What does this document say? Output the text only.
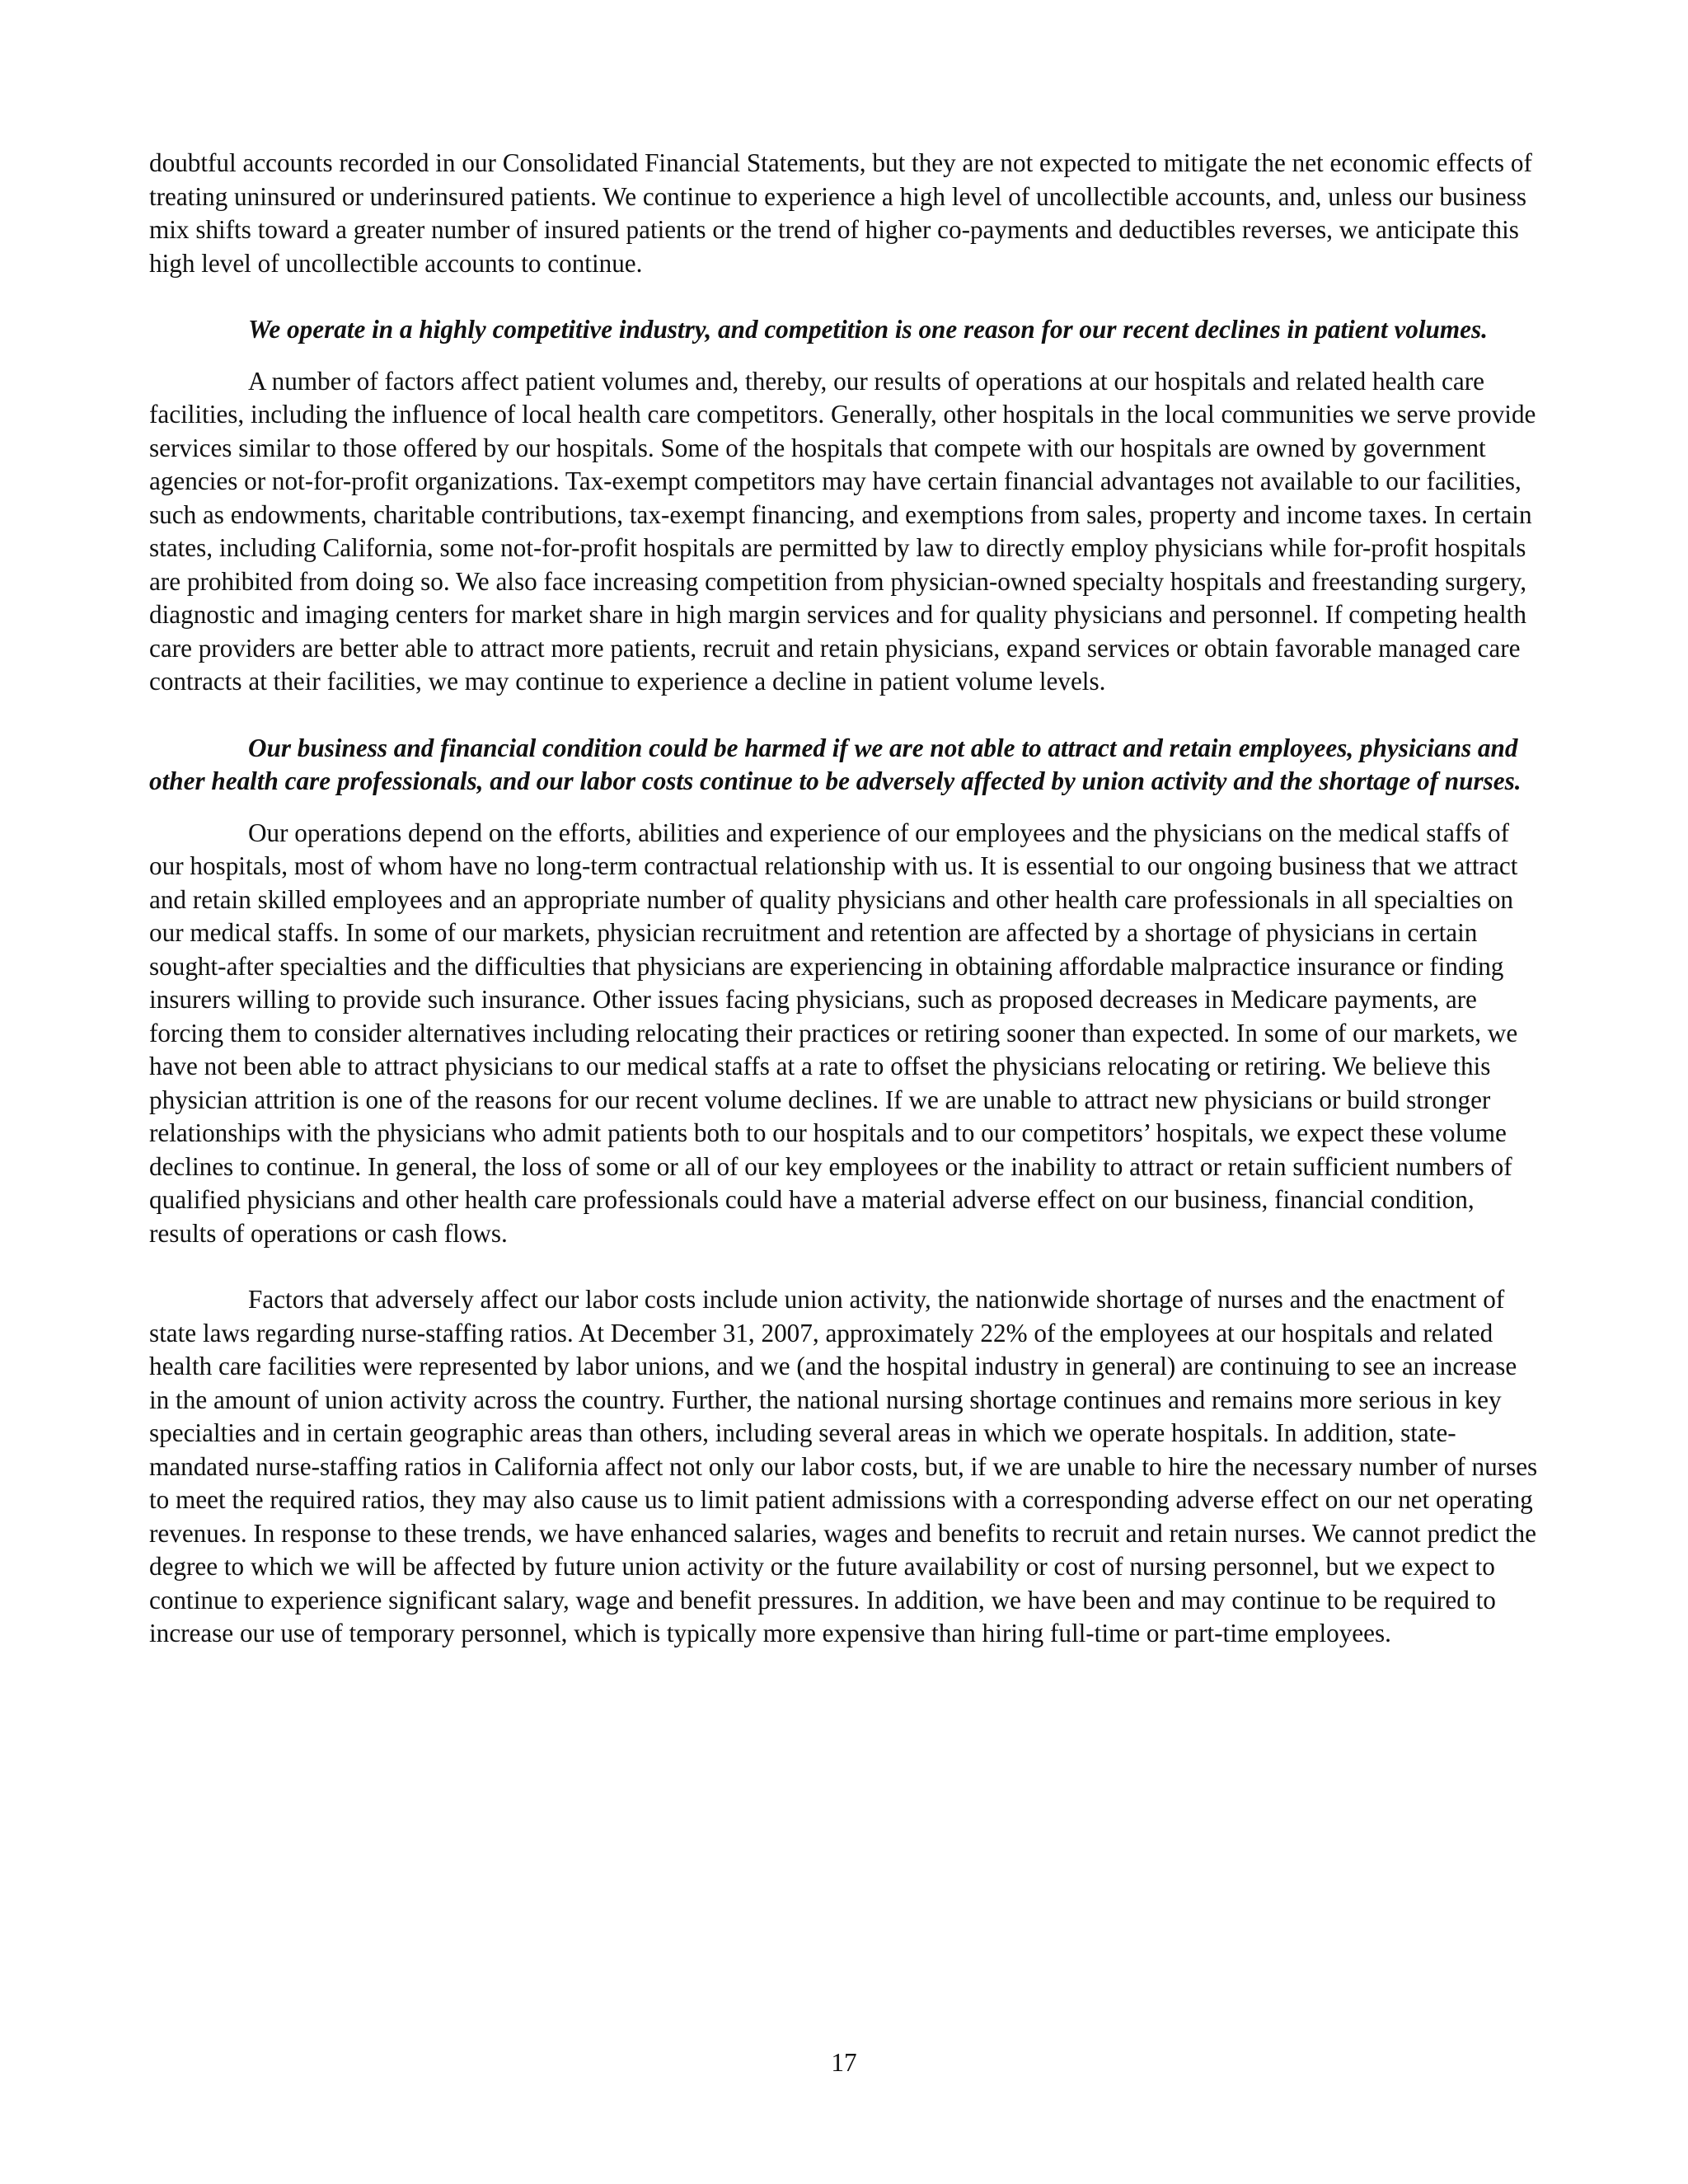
doubtful accounts recorded in our Consolidated Financial Statements, but they are not expected to mitigate the net economic effects of treating uninsured or underinsured patients. We continue to experience a high level of uncollectible accounts, and, unless our business mix shifts toward a greater number of insured patients or the trend of higher co-payments and deductibles reverses, we anticipate this high level of uncollectible accounts to continue.

We operate in a highly competitive industry, and competition is one reason for our recent declines in patient volumes.

A number of factors affect patient volumes and, thereby, our results of operations at our hospitals and related health care facilities, including the influence of local health care competitors. Generally, other hospitals in the local communities we serve provide services similar to those offered by our hospitals. Some of the hospitals that compete with our hospitals are owned by government agencies or not-for-profit organizations. Tax-exempt competitors may have certain financial advantages not available to our facilities, such as endowments, charitable contributions, tax-exempt financing, and exemptions from sales, property and income taxes. In certain states, including California, some not-for-profit hospitals are permitted by law to directly employ physicians while for-profit hospitals are prohibited from doing so. We also face increasing competition from physician-owned specialty hospitals and freestanding surgery, diagnostic and imaging centers for market share in high margin services and for quality physicians and personnel. If competing health care providers are better able to attract more patients, recruit and retain physicians, expand services or obtain favorable managed care contracts at their facilities, we may continue to experience a decline in patient volume levels.

Our business and financial condition could be harmed if we are not able to attract and retain employees, physicians and other health care professionals, and our labor costs continue to be adversely affected by union activity and the shortage of nurses.

Our operations depend on the efforts, abilities and experience of our employees and the physicians on the medical staffs of our hospitals, most of whom have no long-term contractual relationship with us. It is essential to our ongoing business that we attract and retain skilled employees and an appropriate number of quality physicians and other health care professionals in all specialties on our medical staffs. In some of our markets, physician recruitment and retention are affected by a shortage of physicians in certain sought-after specialties and the difficulties that physicians are experiencing in obtaining affordable malpractice insurance or finding insurers willing to provide such insurance. Other issues facing physicians, such as proposed decreases in Medicare payments, are forcing them to consider alternatives including relocating their practices or retiring sooner than expected. In some of our markets, we have not been able to attract physicians to our medical staffs at a rate to offset the physicians relocating or retiring. We believe this physician attrition is one of the reasons for our recent volume declines. If we are unable to attract new physicians or build stronger relationships with the physicians who admit patients both to our hospitals and to our competitors’ hospitals, we expect these volume declines to continue. In general, the loss of some or all of our key employees or the inability to attract or retain sufficient numbers of qualified physicians and other health care professionals could have a material adverse effect on our business, financial condition, results of operations or cash flows.

Factors that adversely affect our labor costs include union activity, the nationwide shortage of nurses and the enactment of state laws regarding nurse-staffing ratios. At December 31, 2007, approximately 22% of the employees at our hospitals and related health care facilities were represented by labor unions, and we (and the hospital industry in general) are continuing to see an increase in the amount of union activity across the country. Further, the national nursing shortage continues and remains more serious in key specialties and in certain geographic areas than others, including several areas in which we operate hospitals. In addition, state-mandated nurse-staffing ratios in California affect not only our labor costs, but, if we are unable to hire the necessary number of nurses to meet the required ratios, they may also cause us to limit patient admissions with a corresponding adverse effect on our net operating revenues. In response to these trends, we have enhanced salaries, wages and benefits to recruit and retain nurses. We cannot predict the degree to which we will be affected by future union activity or the future availability or cost of nursing personnel, but we expect to continue to experience significant salary, wage and benefit pressures. In addition, we have been and may continue to be required to increase our use of temporary personnel, which is typically more expensive than hiring full-time or part-time employees.

17
